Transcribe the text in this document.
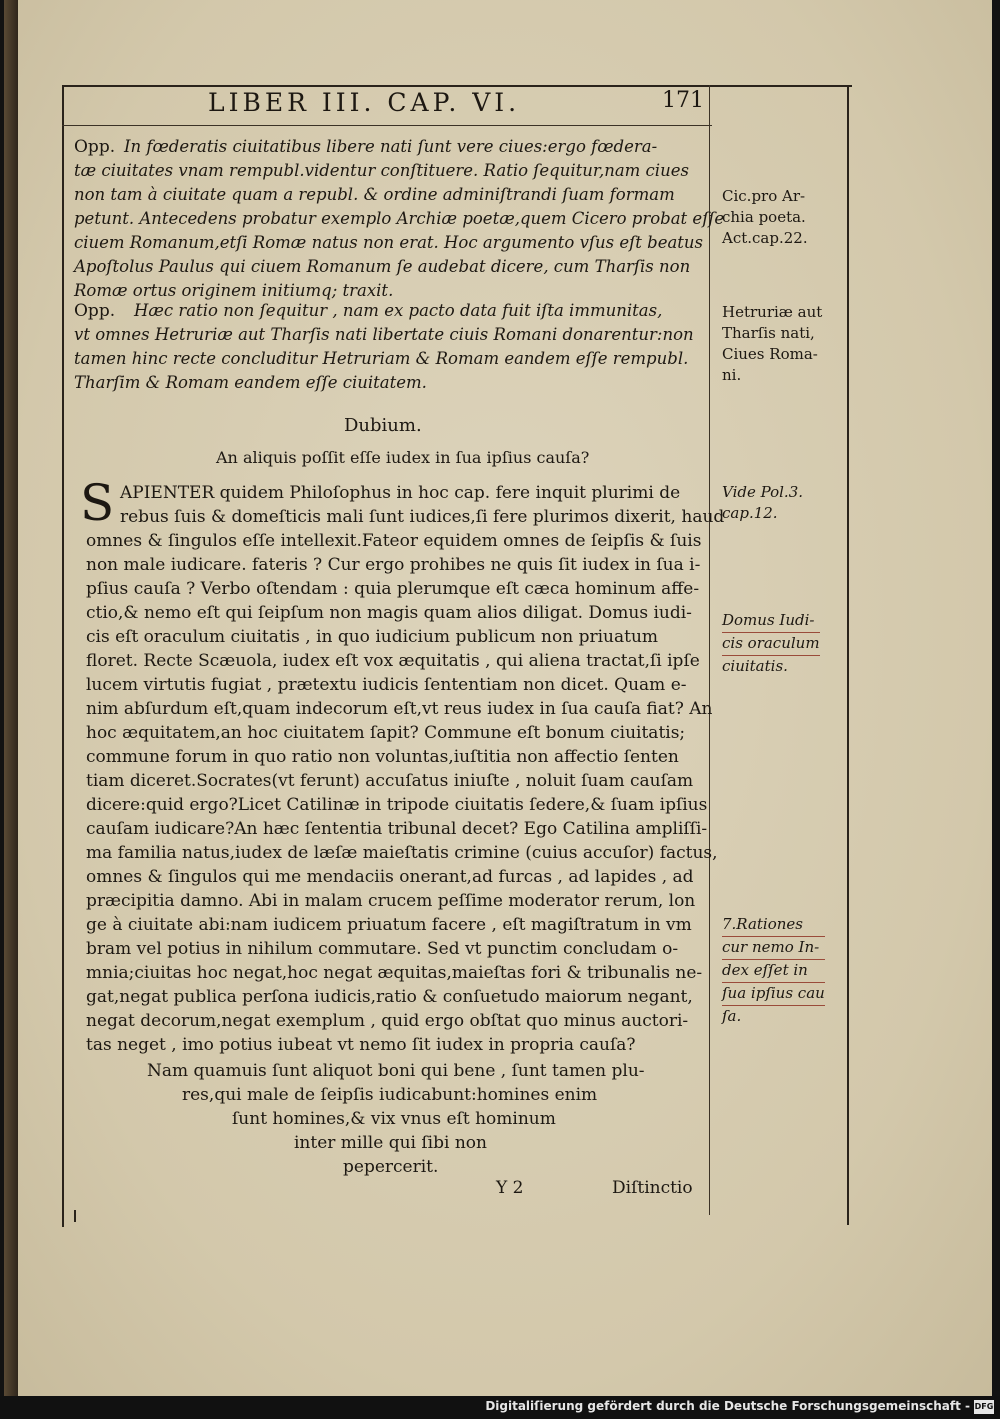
LIBER III. CAP. VI.	171
Opp. In fœderatis ciuitatibus libere nati ſunt vere ciues:ergo fœdera-
tæ ciuitates vnam rempubl.videntur conſtituere. Ratio ſequitur,nam ciues
non tam à ciuitate quam a republ. & ordine adminiſtrandi ſuam formam
petunt. Antecedens probatur exemplo Archiæ poetæ,quem Cicero probat eſſe
ciuem Romanum,etſi Romæ natus non erat. Hoc argumento vſus eſt beatus
Apoſtolus Paulus qui ciuem Romanum ſe audebat dicere, cum Tharſis non
Romæ ortus originem initiumq; traxit.
Opp. Hæc ratio non ſequitur , nam ex pacto data fuit iſta immunitas,
vt omnes Hetruriæ aut Tharſis nati libertate ciuis Romani donarentur:non
tamen hinc recte concluditur Hetruriam & Romam eandem eſſe rempubl.
Tharſim & Romam eandem eſſe ciuitatem.
Dubium.
An aliquis poſſit eſſe iudex in ſua ipſius cauſa?
S APIENTER quidem Philoſophus in hoc cap. fere inquit plurimi de
rebus ſuis & domeſticis mali ſunt iudices,ſi fere plurimos dixerit, haud
omnes & ſingulos eſſe intellexit.Fateor equidem omnes de ſeipſis & ſuis
non male iudicare. fateris ? Cur ergo prohibes ne quis ſit iudex in ſua i-
pſius cauſa ? Verbo oſtendam : quia plerumque eſt cæca hominum affe-
ctio,& nemo eſt qui ſeipſum non magis quam alios diligat. Domus iudi-
cis eſt oraculum ciuitatis , in quo iudicium publicum non priuatum
floret. Recte Scæuola, iudex eſt vox æquitatis , qui aliena tractat,ſi ipſe
lucem virtutis fugiat , prætextu iudicis ſententiam non dicet. Quam e-
nim abſurdum eſt,quam indecorum eſt,vt reus iudex in ſua cauſa fiat? An
hoc æquitatem,an hoc ciuitatem ſapit? Commune eſt bonum ciuitatis;
commune forum in quo ratio non voluntas,iuſtitia non affectio ſenten
tiam diceret.Socrates(vt ferunt) accuſatus iniuſte , noluit ſuam cauſam
dicere:quid ergo?Licet Catilinæ in tripode ciuitatis ſedere,& ſuam ipſius
cauſam iudicare?An hæc ſententia tribunal decet? Ego Catilina ampliſſi-
ma familia natus,iudex de læſæ maieſtatis crimine (cuius accuſor) factus,
omnes & ſingulos qui me mendaciis onerant,ad furcas , ad lapides , ad
præcipitia damno. Abi in malam crucem peſſime moderator rerum, lon
ge à ciuitate abi:nam iudicem priuatum facere , eſt magiſtratum in vm
bram vel potius in nihilum commutare. Sed vt punctim concludam o-
mnia;ciuitas hoc negat,hoc negat æquitas,maieſtas fori & tribunalis ne-
gat,negat publica perſona iudicis,ratio & conſuetudo maiorum negant,
negat decorum,negat exemplum , quid ergo obſtat quo minus auctori-
tas neget , imo potius iubeat vt nemo ſit iudex in propria cauſa?
Nam quamuis ſunt aliquot boni qui bene , ſunt tamen plu-
res,qui male de ſeipſis iudicabunt:homines enim
ſunt homines,& vix vnus eſt hominum
inter mille qui ſibi non
pepercerit.
Y 2	Diſtinctio
Cic.pro Ar-
chia poeta.
Act.cap.22.
Hetruriæ aut
Tharſis nati,
Ciues Roma-
ni.
Vide Pol.3.
cap.12.
Domus Iudi-
cis oraculum
ciuitatis.
7.Rationes
cur nemo In-
dex eſſet in
ſua ipſius cau
ſa.
Digitaliſierung gefördert durch die Deutsche Forschungsgemeinschaft - DFG
